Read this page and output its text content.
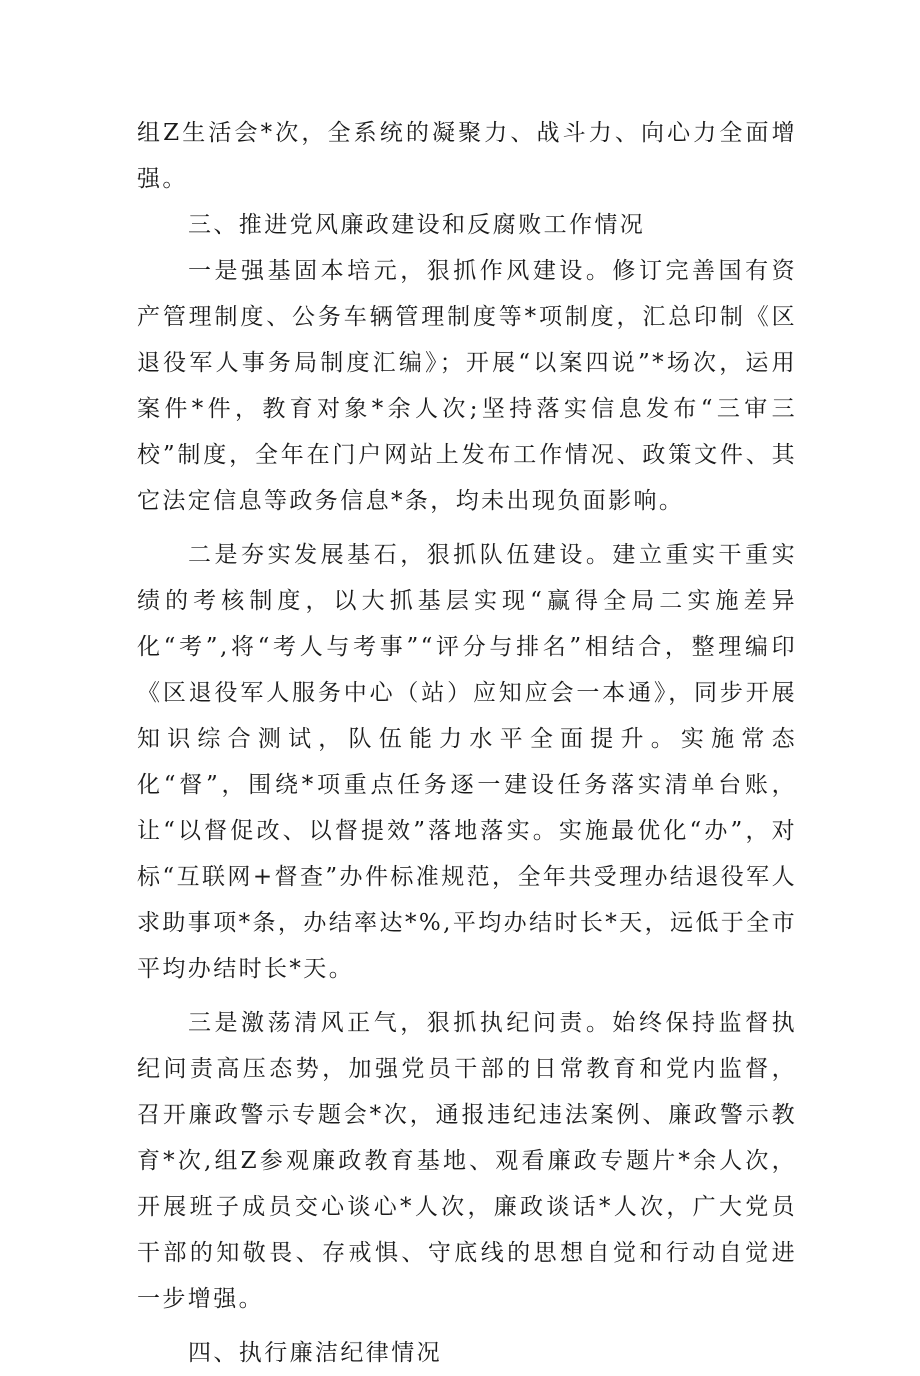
组Z生活会*次，全系统的凝聚力、战斗力、向心力全面增强。

三、推进党风廉政建设和反腐败工作情况

一是强基固本培元，狠抓作风建设。修订完善国有资产管理制度、公务车辆管理制度等*项制度，汇总印制《区退役军人事务局制度汇编》；开展“以案四说”*场次，运用案件*件，教育对象*余人次;坚持落实信息发布“三审三校”制度，全年在门户网站上发布工作情况、政策文件、其它法定信息等政务信息*条，均未出现负面影响。

二是夯实发展基石，狠抓队伍建设。建立重实干重实绩的考核制度，以大抓基层实现“赢得全局二实施差异化“考”,将“考人与考事”“评分与排名”相结合，整理编印《区退役军人服务中心（站）应知应会一本通》，同步开展知识综合测试，队伍能力水平全面提升。实施常态化“督”，围绕*项重点任务逐一建设任务落实清单台账，让“以督促改、以督提效”落地落实。实施最优化“办”，对标“互联网+督查”办件标准规范，全年共受理办结退役军人求助事项*条，办结率达*%,平均办结时长*天，远低于全市平均办结时长*天。

三是激荡清风正气，狠抓执纪问责。始终保持监督执纪问责高压态势，加强党员干部的日常教育和党内监督，召开廉政警示专题会*次，通报违纪违法案例、廉政警示教育*次,组Z参观廉政教育基地、观看廉政专题片*余人次，开展班子成员交心谈心*人次，廉政谈话*人次，广大党员干部的知敬畏、存戒惧、守底线的思想自觉和行动自觉进一步增强。

四、执行廉洁纪律情况
